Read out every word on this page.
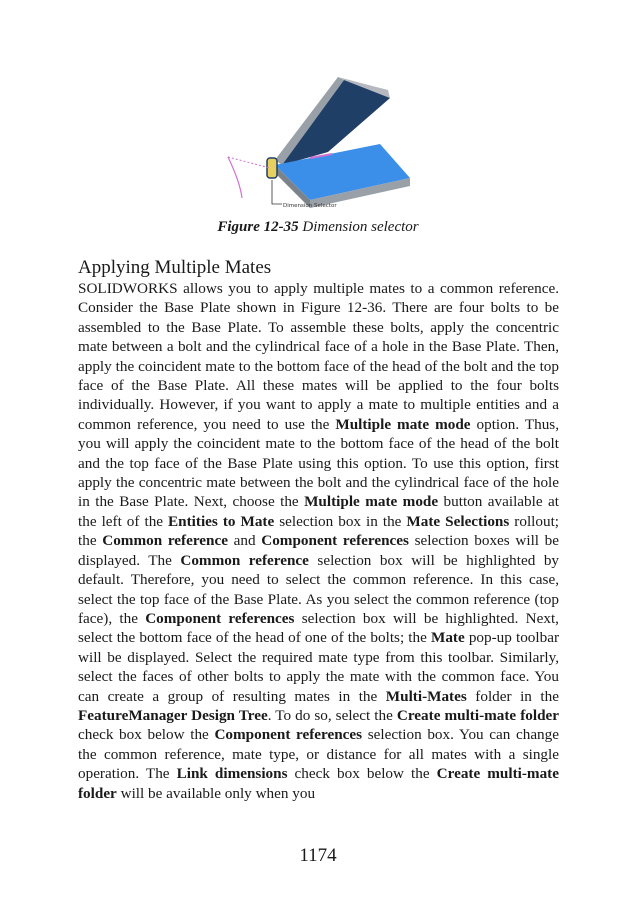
Dimension Selector
Figure 12-35 Dimension selector
Applying Multiple Mates

SOLIDWORKS allows you to apply multiple mates to a common reference. Consider the Base Plate shown in Figure 12-36. There are four bolts to be assembled to the Base Plate. To assemble these bolts, apply the concentric mate between a bolt and the cylindrical face of a hole in the Base Plate. Then, apply the coincident mate to the bottom face of the head of the bolt and the top face of the Base Plate. All these mates will be applied to the four bolts individually. However, if you want to apply a mate to multiple entities and a common reference, you need to use the Multiple mate mode option. Thus, you will apply the coincident mate to the bottom face of the head of the bolt and the top face of the Base Plate using this option. To use this option, first apply the concentric mate between the bolt and the cylindrical face of the hole in the Base Plate. Next, choose the Multiple mate mode button available at the left of the Entities to Mate selection box in the Mate Selections rollout; the Common reference and Component references selection boxes will be displayed. The Common reference selection box will be highlighted by default. Therefore, you need to select the common reference. In this case, select the top face of the Base Plate. As you select the common reference (top face), the Component references selection box will be highlighted. Next, select the bottom face of the head of one of the bolts; the Mate pop-up toolbar will be displayed. Select the required mate type from this toolbar. Similarly, select the faces of other bolts to apply the mate with the common face. You can create a group of resulting mates in the Multi-Mates folder in the FeatureManager Design Tree. To do so, select the Create multi-mate folder check box below the Component references selection box. You can change the common reference, mate type, or distance for all mates with a single operation. The Link dimensions check box below the Create multi-mate folder will be available only when you

1174
